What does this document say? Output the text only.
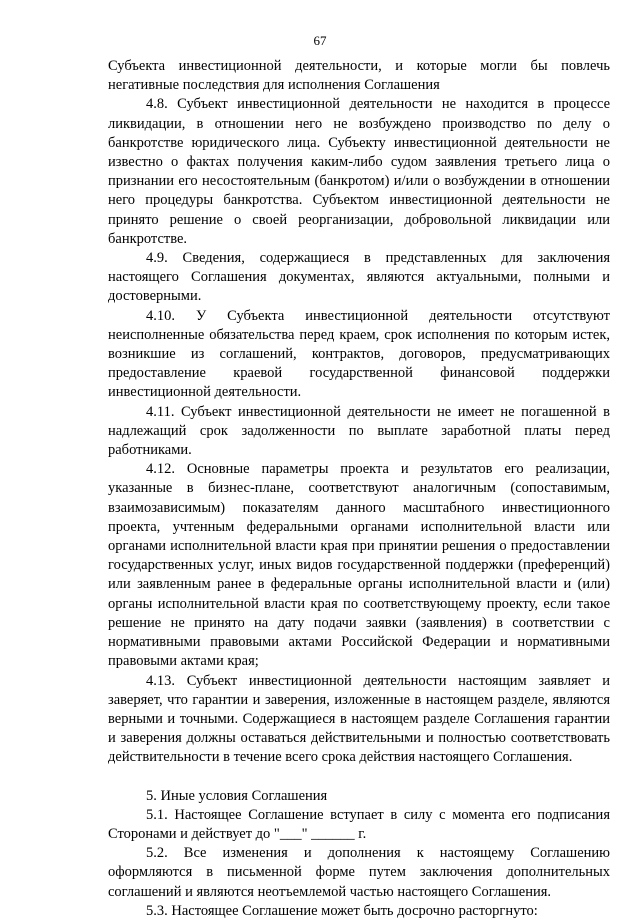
67

Субъекта инвестиционной деятельности, и которые могли бы повлечь негативные последствия для исполнения Соглашения

4.8. Субъект инвестиционной деятельности не находится в процессе ликвидации, в отношении него не возбуждено производство по делу о банкротстве юридического лица. Субъекту инвестиционной деятельности не известно о фактах получения каким-либо судом заявления третьего лица о признании его несостоятельным (банкротом) и/или о возбуждении в отношении него процедуры банкротства. Субъектом инвестиционной деятельности не принято решение о своей реорганизации, добровольной ликвидации или банкротстве.

4.9. Сведения, содержащиеся в представленных для заключения настоящего Соглашения документах, являются актуальными, полными и достоверными.

4.10. У Субъекта инвестиционной деятельности отсутствуют неисполненные обязательства перед краем, срок исполнения по которым истек, возникшие из соглашений, контрактов, договоров, предусматривающих предоставление краевой государственной финансовой поддержки инвестиционной деятельности.

4.11. Субъект инвестиционной деятельности не имеет не погашенной в надлежащий срок задолженности по выплате заработной платы перед работниками.

4.12. Основные параметры проекта и результатов его реализации, указанные в бизнес-плане, соответствуют аналогичным (сопоставимым, взаимозависимым) показателям данного масштабного инвестиционного проекта, учтенным федеральными органами исполнительной власти или органами исполнительной власти края при принятии решения о предоставлении государственных услуг, иных видов государственной поддержки (преференций) или заявленным ранее в федеральные органы исполнительной власти и (или) органы исполнительной власти края по соответствующему проекту, если такое решение не принято на дату подачи заявки (заявления) в соответствии с нормативными правовыми актами Российской Федерации и нормативными правовыми актами края;

4.13. Субъект инвестиционной деятельности настоящим заявляет и заверяет, что гарантии и заверения, изложенные в настоящем разделе, являются верными и точными. Содержащиеся в настоящем разделе Соглашения гарантии и заверения должны оставаться действительными и полностью соответствовать действительности в течение всего срока действия настоящего Соглашения.

5. Иные условия Соглашения

5.1. Настоящее Соглашение вступает в силу с момента его подписания Сторонами и действует до "___" ______ г.

5.2. Все изменения и дополнения к настоящему Соглашению оформляются в письменной форме путем заключения дополнительных соглашений и являются неотъемлемой частью настоящего Соглашения.

5.3. Настоящее Соглашение может быть досрочно расторгнуто:
